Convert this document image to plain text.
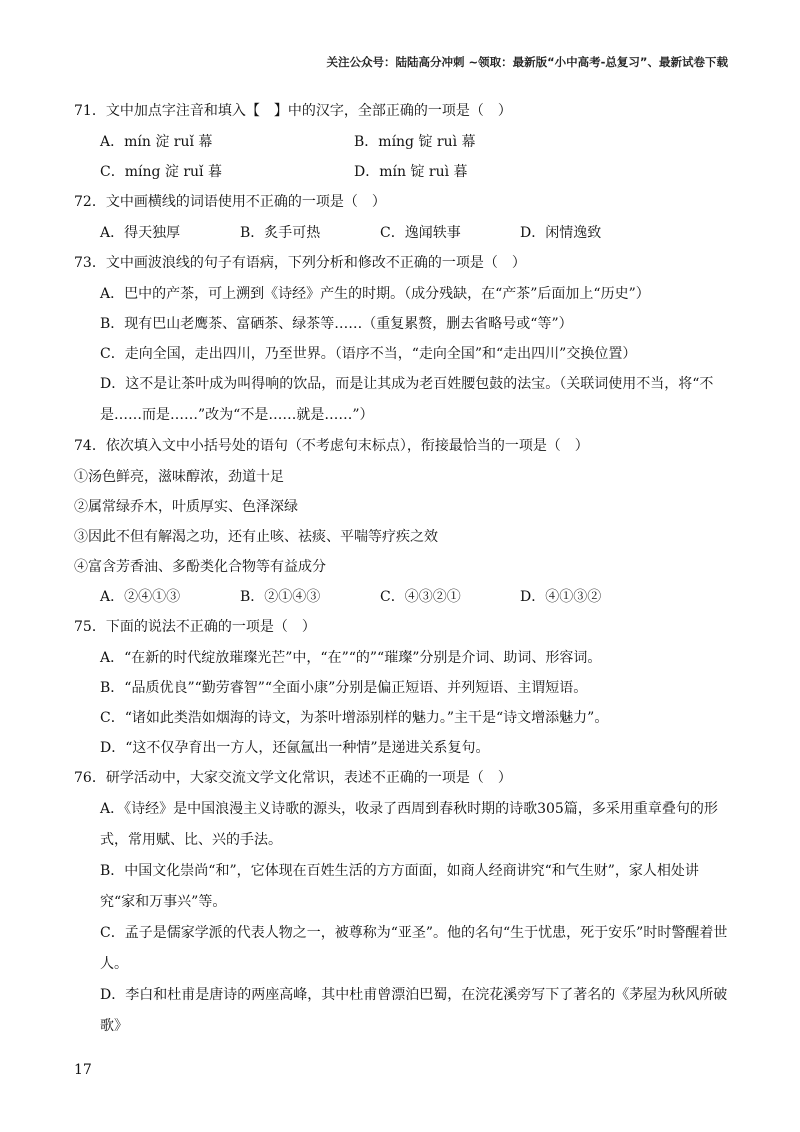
关注公众号：陆陆高分冲刺 ~领取：最新版“小中高考-总复习”、最新试卷下载
71．文中加点字注音和填入【　】中的汉字，全部正确的一项是（　）
A．mín 淀 ruǐ 幕	B．míng 锭 ruì 幕
C．míng 淀 ruǐ 暮	D．mín 锭 ruì 暮
72．文中画横线的词语使用不正确的一项是（　）
A．得天独厚	B．炙手可热	C．逸闻轶事	D．闲情逸致
73．文中画波浪线的句子有语病，下列分析和修改不正确的一项是（　）
A．巴中的产茶，可上溯到《诗经》产生的时期。（成分残缺，在“产茶”后面加上“历史”）
B．现有巴山老鹰茶、富硒茶、绿茶等……（重复累赘，删去省略号或“等”）
C．走向全国，走出四川，乃至世界。（语序不当，“走向全国”和“走出四川”交换位置）
D．这不是让茶叶成为叫得响的饮品，而是让其成为老百姓腰包鼓的法宝。（关联词使用不当，将“不是……而是……”改为“不是……就是……”）
74．依次填入文中小括号处的语句（不考虑句末标点），衔接最恰当的一项是（　）
①汤色鲜亮，滋味醇浓，劲道十足
②属常绿乔木，叶质厚实、色泽深绿
③因此不但有解渴之功，还有止咳、祛痰、平喘等疗疾之效
④富含芳香油、多酚类化合物等有益成分
A．②④①③	B．②①④③	C．④③②①	D．④①③②
75．下面的说法不正确的一项是（　）
A．“在新的时代绽放璀璨光芒”中，“在”“的”“璀璨”分别是介词、助词、形容词。
B．“品质优良”“勤劳睿智”“全面小康”分别是偏正短语、并列短语、主谓短语。
C．“诸如此类浩如烟海的诗文，为茶叶增添别样的魅力。”主干是“诗文增添魅力”。
D．“这不仅孕育出一方人，还氤氲出一种情”是递进关系复句。
76．研学活动中，大家交流文学文化常识，表述不正确的一项是（　）
A．《诗经》是中国浪漫主义诗歌的源头，收录了西周到春秋时期的诗歌305篇，多采用重章叠句的形式，常用赋、比、兴的手法。
B．中国文化崇尚“和”，它体现在百姓生活的方方面面，如商人经商讲究“和气生财”，家人相处讲究“家和万事兴”等。
C．孟子是儒家学派的代表人物之一，被尊称为“亚圣”。他的名句“生于忧患，死于安乐”时时警醒着世人。
D．李白和杜甫是唐诗的两座高峰，其中杜甫曾漂泊巴蜀，在浣花溪旁写下了著名的《茅屋为秋风所破歌》
17
